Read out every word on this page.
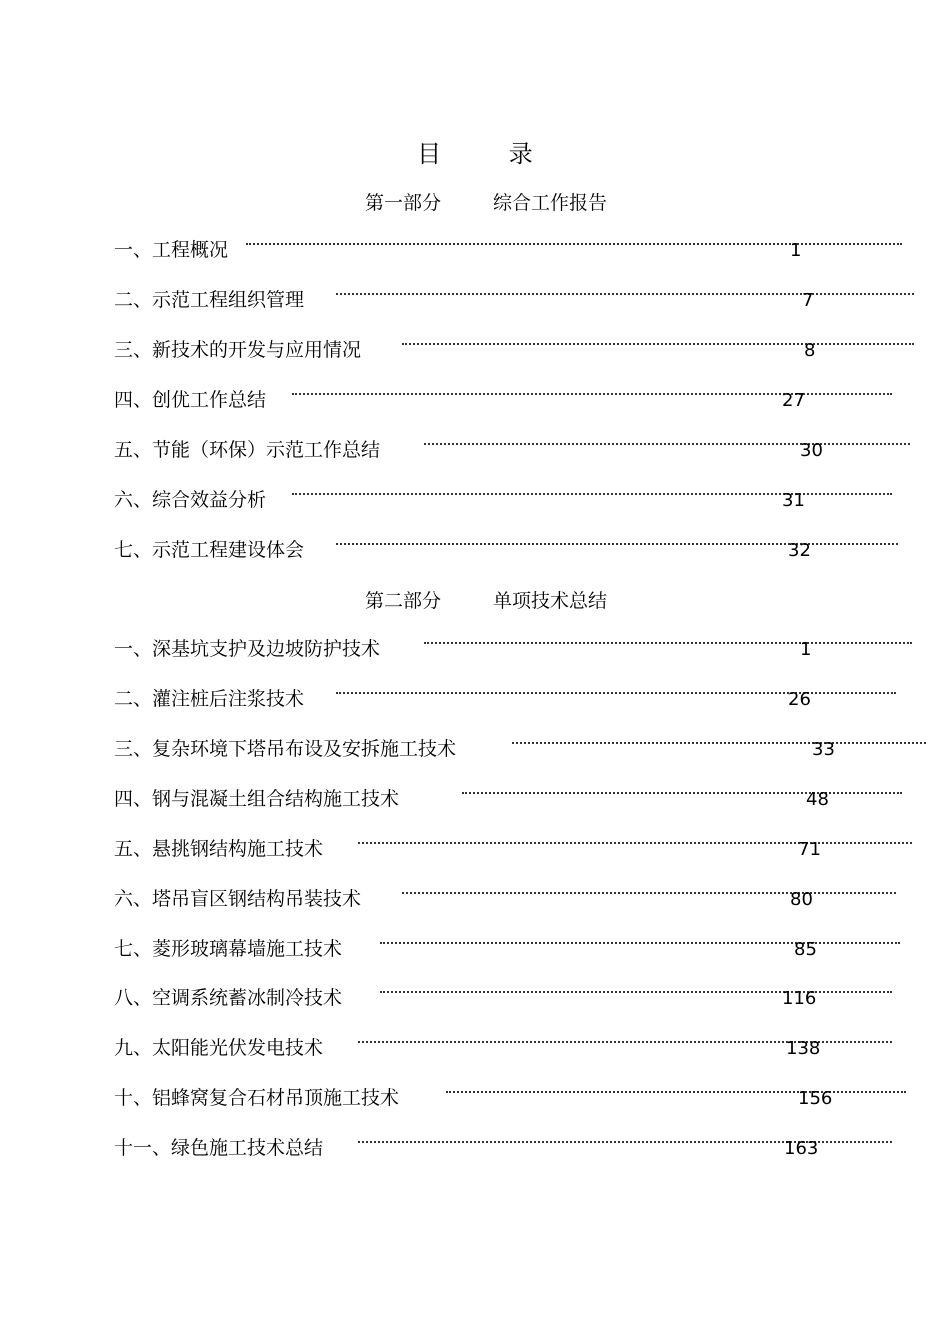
目 录
第一部分  综合工作报告
一、工程概况	1
二、示范工程组织管理	7
三、新技术的开发与应用情况	8
四、创优工作总结	27
五、节能（环保）示范工作总结	30
六、综合效益分析	31
七、示范工程建设体会	32
第二部分  单项技术总结
一、深基坑支护及边坡防护技术	1
二、灌注桩后注浆技术	26
三、复杂环境下塔吊布设及安拆施工技术	33
四、钢与混凝土组合结构施工技术	48
五、悬挑钢结构施工技术	71
六、塔吊盲区钢结构吊装技术	80
七、菱形玻璃幕墙施工技术	85
八、空调系统蓄冰制冷技术	116
九、太阳能光伏发电技术	138
十、铝蜂窝复合石材吊顶施工技术	156
十一、绿色施工技术总结	163
